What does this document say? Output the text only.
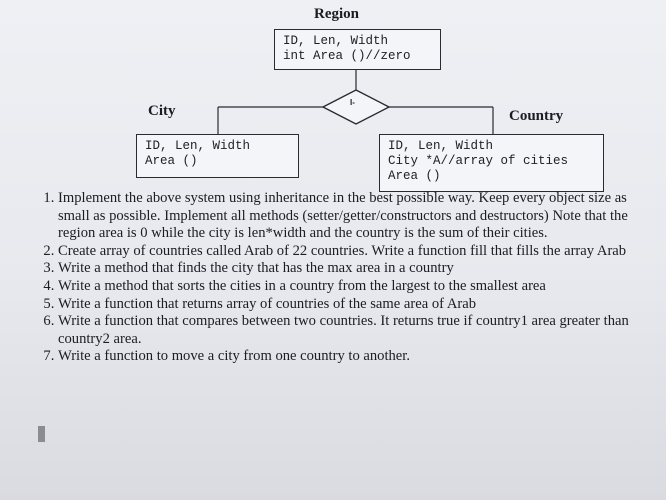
I-
Region
ID, Len, Width
int Area ()//zero
City
ID, Len, Width
Area ()
Country
ID, Len, Width
City *A//array of cities
Area ()
1. Implement the above system using inheritance in the best possible way. Keep every object size as small as possible. Implement all methods (setter/getter/constructors and destructors) Note that the region area is 0 while the city is len*width and the country is the sum of their cities.
2. Create array of countries called Arab of 22 countries. Write a function fill that fills the array Arab
3. Write a method that finds the city that has the max area in a country
4. Write a method that sorts the cities in a country from the largest to the smallest area
5. Write a function that returns array of countries of the same area of Arab
6. Write a function that compares between two countries. It returns true if country1 area greater than country2 area.
7. Write a function to move a city from one country to another.
